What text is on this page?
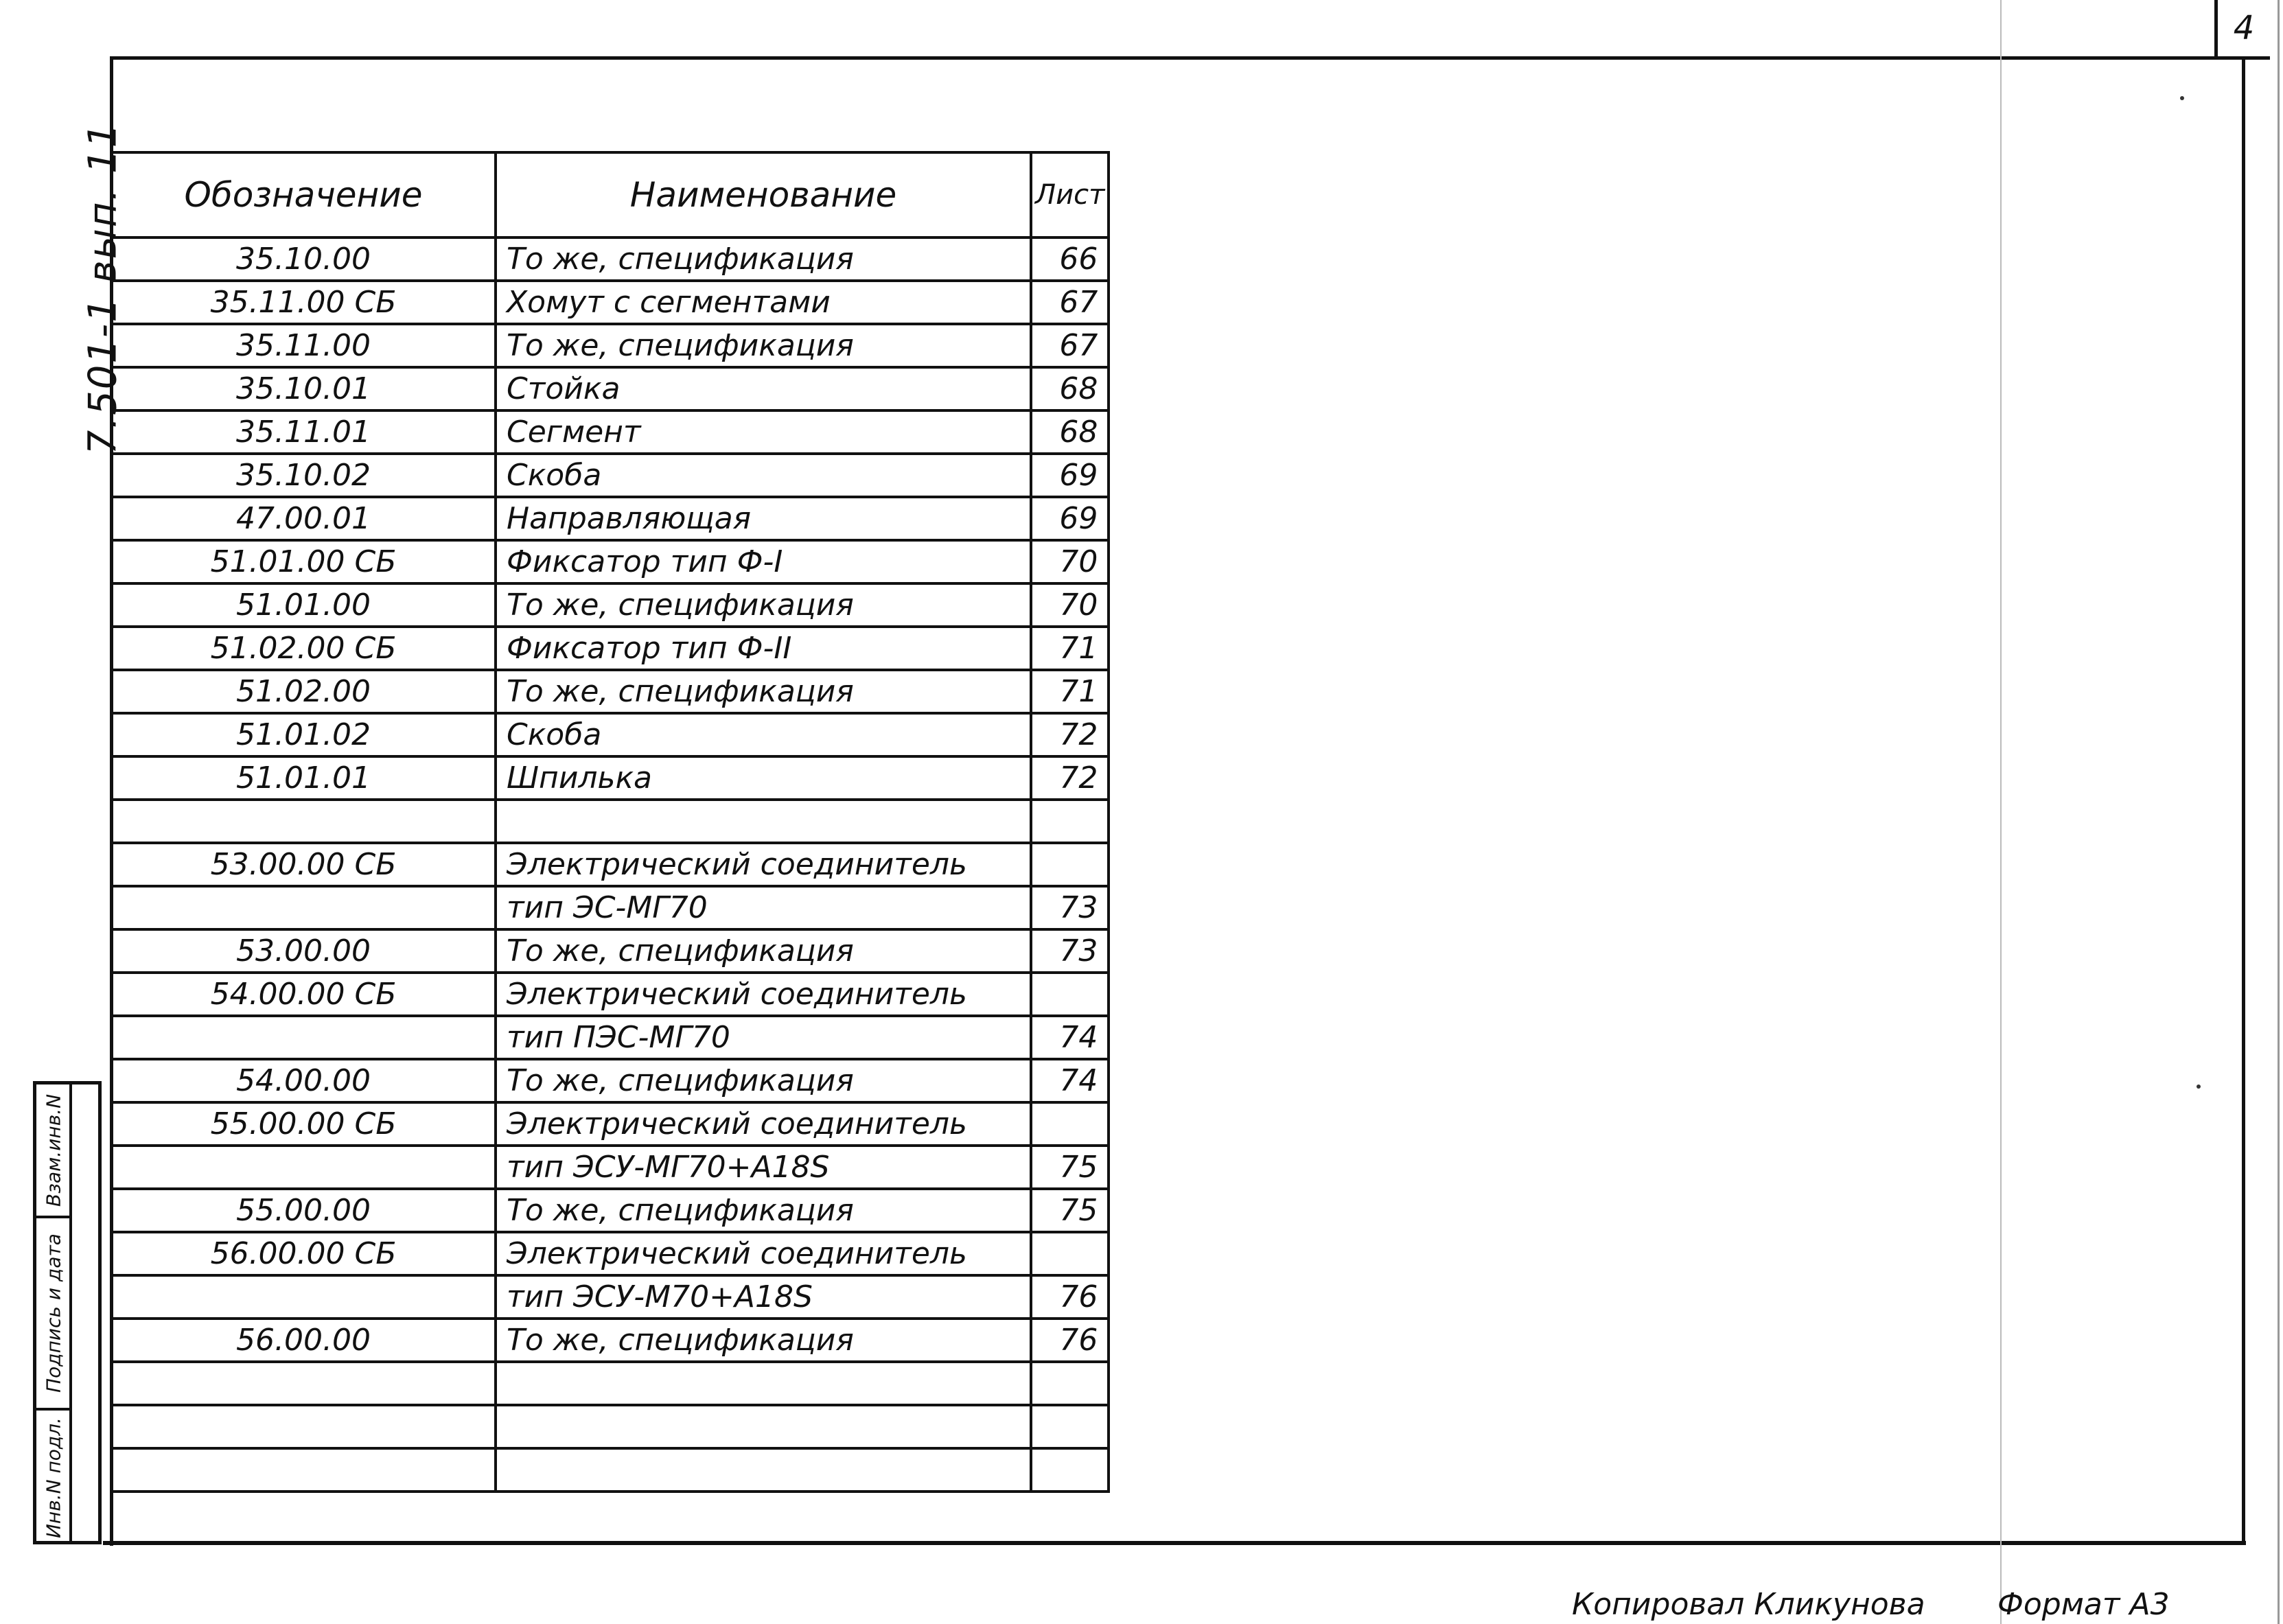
4
7.501-1 вып. 11 Обозначение	Наименование	Лист
35.10.00	То же, спецификация	66
35.11.00 СБ	Хомут с сегментами	67
35.11.00	То же, спецификация	67
35.10.01	Стойка	68
35.11.01	Сегмент	68
35.10.02	Скоба	69
47.00.01	Направляющая	69
51.01.00 СБ	Фиксатор тип Ф-I	70
51.01.00	То же, спецификация	70
51.02.00 СБ	Фиксатор тип Ф-II	71
51.02.00	То же, спецификация	71
51.01.02	Скоба	72
51.01.01	Шпилька	72

53.00.00 СБ	Электрический соединитель	
	тип ЭС-МГ70	73
53.00.00	То же, спецификация	73
54.00.00 СБ	Электрический соединитель	
	тип ПЭС-МГ70	74
54.00.00	То же, спецификация	74
55.00.00 СБ	Электрический соединитель	
	тип ЭСУ-МГ70+А18S	75
55.00.00	То же, спецификация	75
56.00.00 СБ	Электрический соединитель	
	тип ЭСУ-М70+А18S	76
56.00.00	То же, спецификация	76

Взам.инв.N
Подпись и дата
Инв.N подл.
Копировал Кликунова Формат А3
